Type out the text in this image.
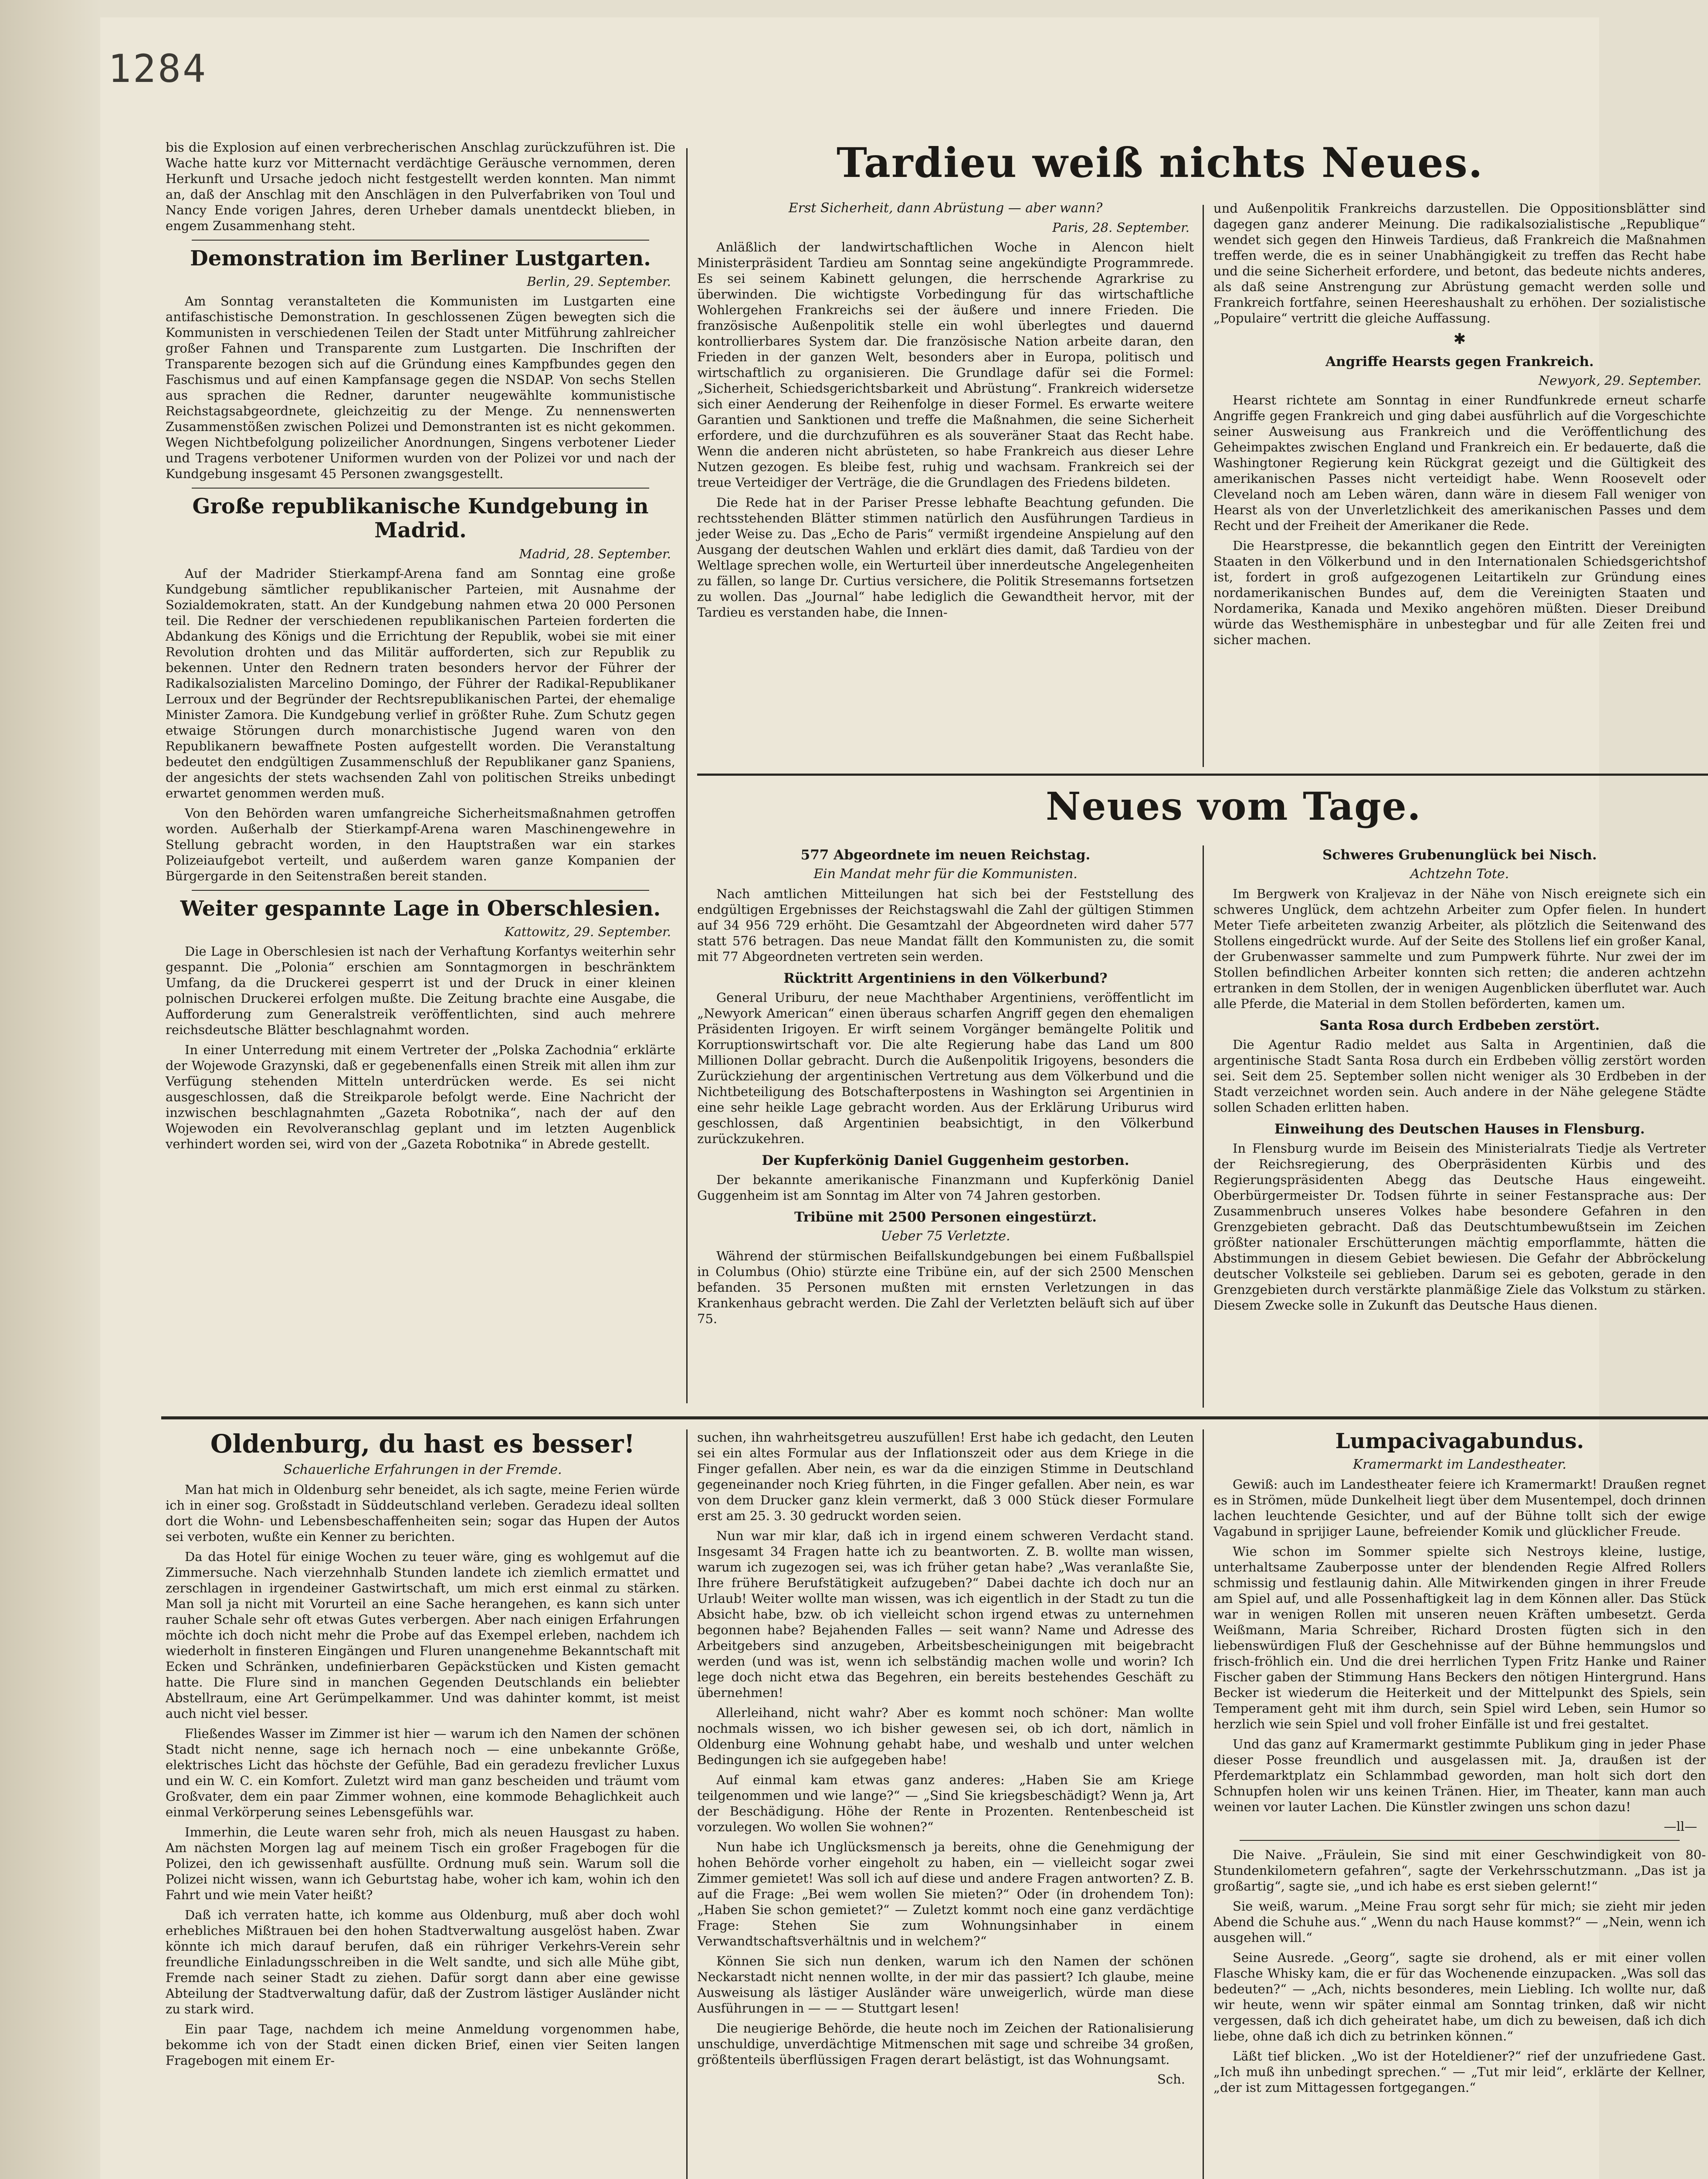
1284

bis die Explosion auf einen verbrecherischen Anschlag zurückzuführen ist. Die Wache hatte kurz vor Mitternacht verdächtige Geräusche vernommen, deren Herkunft und Ursache jedoch nicht festgestellt werden konnten. Man nimmt an, daß der Anschlag mit den Anschlägen in den Pulverfabriken von Toul und Nancy Ende vorigen Jahres, deren Urheber damals unentdeckt blieben, in engem Zusammenhang steht.

Demonstration im Berliner Lustgarten.
Berlin, 29. September.

Am Sonntag veranstalteten die Kommunisten im Lustgarten eine antifaschistische Demonstration. In geschlossenen Zügen bewegten sich die Kommunisten in verschiedenen Teilen der Stadt unter Mitführung zahlreicher großer Fahnen und Transparente zum Lustgarten. Die Inschriften der Transparente bezogen sich auf die Gründung eines Kampfbundes gegen den Faschismus und auf einen Kampfansage gegen die NSDAP. Von sechs Stellen aus sprachen die Redner, darunter neugewählte kommunistische Reichstagsabgeordnete, gleichzeitig zu der Menge. Zu nennenswerten Zusammenstößen zwischen Polizei und Demonstranten ist es nicht gekommen. Wegen Nichtbefolgung polizeilicher Anordnungen, Singens verbotener Lieder und Tragens verbotener Uniformen wurden von der Polizei vor und nach der Kundgebung insgesamt 45 Personen zwangsgestellt.

Große republikanische Kundgebung in Madrid.
Madrid, 28. September.

Auf der Madrider Stierkampf-Arena fand am Sonntag eine große Kundgebung sämtlicher republikanischer Parteien, mit Ausnahme der Sozialdemokraten, statt. An der Kundgebung nahmen etwa 20 000 Personen teil. Die Redner der verschiedenen republikanischen Parteien forderten die Abdankung des Königs und die Errichtung der Republik, wobei sie mit einer Revolution drohten und das Militär aufforderten, sich zur Republik zu bekennen. Unter den Rednern traten besonders hervor der Führer der Radikalsozialisten Marcelino Domingo, der Führer der Radikal-Republikaner Lerroux und der Begründer der Rechtsrepublikanischen Partei, der ehemalige Minister Zamora. Die Kundgebung verlief in größter Ruhe. Zum Schutz gegen etwaige Störungen durch monarchistische Jugend waren von den Republikanern bewaffnete Posten aufgestellt worden. Die Veranstaltung bedeutet den endgültigen Zusammenschluß der Republikaner ganz Spaniens, der angesichts der stets wachsenden Zahl von politischen Streiks unbedingt erwartet genommen werden muß.

Von den Behörden waren umfangreiche Sicherheitsmaßnahmen getroffen worden. Außerhalb der Stierkampf-Arena waren Maschinengewehre in Stellung gebracht worden, in den Hauptstraßen war ein starkes Polizeiaufgebot verteilt, und außerdem waren ganze Kompanien der Bürgergarde in den Seitenstraßen bereit standen.

Weiter gespannte Lage in Oberschlesien.
Kattowitz, 29. September.

Die Lage in Oberschlesien ist nach der Verhaftung Korfantys weiterhin sehr gespannt. Die „Polonia“ erschien am Sonntagmorgen in beschränktem Umfang, da die Druckerei gesperrt ist und der Druck in einer kleinen polnischen Druckerei erfolgen mußte. Die Zeitung brachte eine Ausgabe, die Aufforderung zum Generalstreik veröffentlichten, sind auch mehrere reichsdeutsche Blätter beschlagnahmt worden.

In einer Unterredung mit einem Vertreter der „Polska Zachodnia“ erklärte der Wojewode Grazynski, daß er gegebenenfalls einen Streik mit allen ihm zur Verfügung stehenden Mitteln unterdrücken werde. Es sei nicht ausgeschlossen, daß die Streikparole befolgt werde. Eine Nachricht der inzwischen beschlagnahmten „Gazeta Robotnika“, nach der auf den Wojewoden ein Revolveranschlag geplant und im letzten Augenblick verhindert worden sei, wird von der „Gazeta Robotnika“ in Abrede gestellt.

Tardieu weiß nichts Neues.
Erst Sicherheit, dann Abrüstung — aber wann?
Paris, 28. September.

Anläßlich der landwirtschaftlichen Woche in Alencon hielt Ministerpräsident Tardieu am Sonntag seine angekündigte Programmrede. Es sei seinem Kabinett gelungen, die herrschende Agrarkrise zu überwinden. Die wichtigste Vorbedingung für das wirtschaftliche Wohlergehen Frankreichs sei der äußere und innere Frieden. Die französische Außenpolitik stelle ein wohl überlegtes und dauernd kontrollierbares System dar. Die französische Nation arbeite daran, den Frieden in der ganzen Welt, besonders aber in Europa, politisch und wirtschaftlich zu organisieren. Die Grundlage dafür sei die Formel: „Sicherheit, Schiedsgerichtsbarkeit und Abrüstung“. Frankreich widersetze sich einer Aenderung der Reihenfolge in dieser Formel. Es erwarte weitere Garantien und Sanktionen und treffe die Maßnahmen, die seine Sicherheit erfordere, und die durchzuführen es als souveräner Staat das Recht habe. Wenn die anderen nicht abrüsteten, so habe Frankreich aus dieser Lehre Nutzen gezogen. Es bleibe fest, ruhig und wachsam. Frankreich sei der treue Verteidiger der Verträge, die die Grundlagen des Friedens bildeten.

Die Rede hat in der Pariser Presse lebhafte Beachtung gefunden. Die rechtsstehenden Blätter stimmen natürlich den Ausführungen Tardieus in jeder Weise zu. Das „Echo de Paris“ vermißt irgendeine Anspielung auf den Ausgang der deutschen Wahlen und erklärt dies damit, daß Tardieu von der Weltlage sprechen wolle, ein Werturteil über innerdeutsche Angelegenheiten zu fällen, so lange Dr. Curtius versichere, die Politik Stresemanns fortsetzen zu wollen. Das „Journal“ habe lediglich die Gewandtheit hervor, mit der Tardieu es verstanden habe, die Innen-

und Außenpolitik Frankreichs darzustellen. Die Oppositionsblätter sind dagegen ganz anderer Meinung. Die radikalsozialistische „Republique“ wendet sich gegen den Hinweis Tardieus, daß Frankreich die Maßnahmen treffen werde, die es in seiner Unabhängigkeit zu treffen das Recht habe und die seine Sicherheit erfordere, und betont, das bedeute nichts anderes, als daß seine Anstrengung zur Abrüstung gemacht werden solle und Frankreich fortfahre, seinen Heereshaushalt zu erhöhen. Der sozialistische „Populaire“ vertritt die gleiche Auffassung.

✱
Angriffe Hearsts gegen Frankreich.
Newyork, 29. September.

Hearst richtete am Sonntag in einer Rundfunkrede erneut scharfe Angriffe gegen Frankreich und ging dabei ausführlich auf die Vorgeschichte seiner Ausweisung aus Frankreich und die Veröffentlichung des Geheimpaktes zwischen England und Frankreich ein. Er bedauerte, daß die Washingtoner Regierung kein Rückgrat gezeigt und die Gültigkeit des amerikanischen Passes nicht verteidigt habe. Wenn Roosevelt oder Cleveland noch am Leben wären, dann wäre in diesem Fall weniger von Hearst als von der Unverletzlichkeit des amerikanischen Passes und dem Recht und der Freiheit der Amerikaner die Rede.

Die Hearstpresse, die bekanntlich gegen den Eintritt der Vereinigten Staaten in den Völkerbund und in den Internationalen Schiedsgerichtshof ist, fordert in groß aufgezogenen Leitartikeln zur Gründung eines nordamerikanischen Bundes auf, dem die Vereinigten Staaten und Nordamerika, Kanada und Mexiko angehören müßten. Dieser Dreibund würde das Westhemisphäre in unbestegbar und für alle Zeiten frei und sicher machen.

Neues vom Tage.
577 Abgeordnete im neuen Reichstag.
Ein Mandat mehr für die Kommunisten.

Nach amtlichen Mitteilungen hat sich bei der Feststellung des endgültigen Ergebnisses der Reichstagswahl die Zahl der gültigen Stimmen auf 34 956 729 erhöht. Die Gesamtzahl der Abgeordneten wird daher 577 statt 576 betragen. Das neue Mandat fällt den Kommunisten zu, die somit mit 77 Abgeordneten vertreten sein werden.

Rücktritt Argentiniens in den Völkerbund?

General Uriburu, der neue Machthaber Argentiniens, veröffentlicht im „Newyork American“ einen überaus scharfen Angriff gegen den ehemaligen Präsidenten Irigoyen. Er wirft seinem Vorgänger bemängelte Politik und Korruptionswirtschaft vor. Die alte Regierung habe das Land um 800 Millionen Dollar gebracht. Durch die Außenpolitik Irigoyens, besonders die Zurückziehung der argentinischen Vertretung aus dem Völkerbund und die Nichtbeteiligung des Botschafterpostens in Washington sei Argentinien in eine sehr heikle Lage gebracht worden. Aus der Erklärung Uriburus wird geschlossen, daß Argentinien beabsichtigt, in den Völkerbund zurückzukehren.

Der Kupferkönig Daniel Guggenheim gestorben.

Der bekannte amerikanische Finanzmann und Kupferkönig Daniel Guggenheim ist am Sonntag im Alter von 74 Jahren gestorben.

Tribüne mit 2500 Personen eingestürzt.
Ueber 75 Verletzte.

Während der stürmischen Beifallskundgebungen bei einem Fußballspiel in Columbus (Ohio) stürzte eine Tribüne ein, auf der sich 2500 Menschen befanden. 35 Personen mußten mit ernsten Verletzungen in das Krankenhaus gebracht werden. Die Zahl der Verletzten beläuft sich auf über 75.

Schweres Grubenunglück bei Nisch.
Achtzehn Tote.

Im Bergwerk von Kraljevaz in der Nähe von Nisch ereignete sich ein schweres Unglück, dem achtzehn Arbeiter zum Opfer fielen. In hundert Meter Tiefe arbeiteten zwanzig Arbeiter, als plötzlich die Seitenwand des Stollens eingedrückt wurde. Auf der Seite des Stollens lief ein großer Kanal, der Grubenwasser sammelte und zum Pumpwerk führte. Nur zwei der im Stollen befindlichen Arbeiter konnten sich retten; die anderen achtzehn ertranken in dem Stollen, der in wenigen Augenblicken überflutet war. Auch alle Pferde, die Material in dem Stollen beförderten, kamen um.

Santa Rosa durch Erdbeben zerstört.

Die Agentur Radio meldet aus Salta in Argentinien, daß die argentinische Stadt Santa Rosa durch ein Erdbeben völlig zerstört worden sei. Seit dem 25. September sollen nicht weniger als 30 Erdbeben in der Stadt verzeichnet worden sein. Auch andere in der Nähe gelegene Städte sollen Schaden erlitten haben.

Einweihung des Deutschen Hauses in Flensburg.

In Flensburg wurde im Beisein des Ministerialrats Tiedje als Vertreter der Reichsregierung, des Oberpräsidenten Kürbis und des Regierungspräsidenten Abegg das Deutsche Haus eingeweiht. Oberbürgermeister Dr. Todsen führte in seiner Festansprache aus: Der Zusammenbruch unseres Volkes habe besondere Gefahren in den Grenzgebieten gebracht. Daß das Deutschtumbewußtsein im Zeichen größter nationaler Erschütterungen mächtig emporflammte, hätten die Abstimmungen in diesem Gebiet bewiesen. Die Gefahr der Abbröckelung deutscher Volksteile sei geblieben. Darum sei es geboten, gerade in den Grenzgebieten durch verstärkte planmäßige Ziele das Volkstum zu stärken. Diesem Zwecke solle in Zukunft das Deutsche Haus dienen.

Oldenburg, du hast es besser!
Schauerliche Erfahrungen in der Fremde.

Man hat mich in Oldenburg sehr beneidet, als ich sagte, meine Ferien würde ich in einer sog. Großstadt in Süddeutschland verleben. Geradezu ideal sollten dort die Wohn- und Lebensbeschaffenheiten sein; sogar das Hupen der Autos sei verboten, wußte ein Kenner zu berichten.

Da das Hotel für einige Wochen zu teuer wäre, ging es wohlgemut auf die Zimmersuche. Nach vierzehnhalb Stunden landete ich ziemlich ermattet und zerschlagen in irgendeiner Gastwirtschaft, um mich erst einmal zu stärken. Man soll ja nicht mit Vorurteil an eine Sache herangehen, es kann sich unter rauher Schale sehr oft etwas Gutes verbergen. Aber nach einigen Erfahrungen möchte ich doch nicht mehr die Probe auf das Exempel erleben, nachdem ich wiederholt in finsteren Eingängen und Fluren unangenehme Bekanntschaft mit Ecken und Schränken, undefinierbaren Gepäckstücken und Kisten gemacht hatte. Die Flure sind in manchen Gegenden Deutschlands ein beliebter Abstellraum, eine Art Gerümpelkammer. Und was dahinter kommt, ist meist auch nicht viel besser.

Fließendes Wasser im Zimmer ist hier — warum ich den Namen der schönen Stadt nicht nenne, sage ich hernach noch — eine unbekannte Größe, elektrisches Licht das höchste der Gefühle, Bad ein geradezu frevlicher Luxus und ein W. C. ein Komfort. Zuletzt wird man ganz bescheiden und träumt vom Großvater, dem ein paar Zimmer wohnen, eine kommode Behaglichkeit auch einmal Verkörperung seines Lebensgefühls war.

Immerhin, die Leute waren sehr froh, mich als neuen Hausgast zu haben. Am nächsten Morgen lag auf meinem Tisch ein großer Fragebogen für die Polizei, den ich gewissenhaft ausfüllte. Ordnung muß sein. Warum soll die Polizei nicht wissen, wann ich Geburtstag habe, woher ich kam, wohin ich den Fahrt und wie mein Vater heißt?

Daß ich verraten hatte, ich komme aus Oldenburg, muß aber doch wohl erhebliches Mißtrauen bei den hohen Stadtverwaltung ausgelöst haben. Zwar könnte ich mich darauf berufen, daß ein rühriger Verkehrs-Verein sehr freundliche Einladungsschreiben in die Welt sandte, und sich alle Mühe gibt, Fremde nach seiner Stadt zu ziehen. Dafür sorgt dann aber eine gewisse Abteilung der Stadtverwaltung dafür, daß der Zustrom lästiger Ausländer nicht zu stark wird.

Ein paar Tage, nachdem ich meine Anmeldung vorgenommen habe, bekomme ich von der Stadt einen dicken Brief, einen vier Seiten langen Fragebogen mit einem Er-

suchen, ihn wahrheitsgetreu auszufüllen! Erst habe ich gedacht, den Leuten sei ein altes Formular aus der Inflationszeit oder aus dem Kriege in die Finger gefallen. Aber nein, es war da die einzigen Stimme in Deutschland gegeneinander noch Krieg führten, in die Finger gefallen. Aber nein, es war von dem Drucker ganz klein vermerkt, daß 3 000 Stück dieser Formulare erst am 25. 3. 30 gedruckt worden seien.

Nun war mir klar, daß ich in irgend einem schweren Verdacht stand. Insgesamt 34 Fragen hatte ich zu beantworten. Z. B. wollte man wissen, warum ich zugezogen sei, was ich früher getan habe? „Was veranlaßte Sie, Ihre frühere Berufstätigkeit aufzugeben?“ Dabei dachte ich doch nur an Urlaub! Weiter wollte man wissen, was ich eigentlich in der Stadt zu tun die Absicht habe, bzw. ob ich vielleicht schon irgend etwas zu unternehmen begonnen habe? Bejahenden Falles — seit wann? Name und Adresse des Arbeitgebers sind anzugeben, Arbeitsbescheinigungen mit beigebracht werden (und was ist, wenn ich selbständig machen wolle und worin? Ich lege doch nicht etwa das Begehren, ein bereits bestehendes Geschäft zu übernehmen!

Allerleihand, nicht wahr? Aber es kommt noch schöner: Man wollte nochmals wissen, wo ich bisher gewesen sei, ob ich dort, nämlich in Oldenburg eine Wohnung gehabt habe, und weshalb und unter welchen Bedingungen ich sie aufgegeben habe!

Auf einmal kam etwas ganz anderes: „Haben Sie am Kriege teilgenommen und wie lange?“ — „Sind Sie kriegsbeschädigt? Wenn ja, Art der Beschädigung. Höhe der Rente in Prozenten. Rentenbescheid ist vorzulegen. Wo wollen Sie wohnen?“

Nun habe ich Unglücksmensch ja bereits, ohne die Genehmigung der hohen Behörde vorher eingeholt zu haben, ein — vielleicht sogar zwei Zimmer gemietet! Was soll ich auf diese und andere Fragen antworten? Z. B. auf die Frage: „Bei wem wollen Sie mieten?“ Oder (in drohendem Ton): „Haben Sie schon gemietet?“ — Zuletzt kommt noch eine ganz verdächtige Frage: Stehen Sie zum Wohnungsinhaber in einem Verwandtschaftsverhältnis und in welchem?“

Können Sie sich nun denken, warum ich den Namen der schönen Neckarstadt nicht nennen wollte, in der mir das passiert? Ich glaube, meine Ausweisung als lästiger Ausländer wäre unweigerlich, würde man diese Ausführungen in — — — Stuttgart lesen!

Die neugierige Behörde, die heute noch im Zeichen der Rationalisierung unschuldige, unverdächtige Mitmenschen mit sage und schreibe 34 großen, größtenteils überflüssigen Fragen derart belästigt, ist das Wohnungsamt.

Sch.
Lumpacivagabundus.
Kramermarkt im Landestheater.

Gewiß: auch im Landestheater feiere ich Kramermarkt! Draußen regnet es in Strömen, müde Dunkelheit liegt über dem Musentempel, doch drinnen lachen leuchtende Gesichter, und auf der Bühne tollt sich der ewige Vagabund in sprijiger Laune, befreiender Komik und glücklicher Freude.

Wie schon im Sommer spielte sich Nestroys kleine, lustige, unterhaltsame Zauberposse unter der blendenden Regie Alfred Rollers schmissig und festlaunig dahin. Alle Mitwirkenden gingen in ihrer Freude am Spiel auf, und alle Possenhaftigkeit lag in dem Können aller. Das Stück war in wenigen Rollen mit unseren neuen Kräften umbesetzt. Gerda Weißmann, Maria Schreiber, Richard Drosten fügten sich in den liebenswürdigen Fluß der Geschehnisse auf der Bühne hemmungslos und frisch-fröhlich ein. Und die drei herrlichen Typen Fritz Hanke und Rainer Fischer gaben der Stimmung Hans Beckers den nötigen Hintergrund. Hans Becker ist wiederum die Heiterkeit und der Mittelpunkt des Spiels, sein Temperament geht mit ihm durch, sein Spiel wird Leben, sein Humor so herzlich wie sein Spiel und voll froher Einfälle ist und frei gestaltet.

Und das ganz auf Kramermarkt gestimmte Publikum ging in jeder Phase dieser Posse freundlich und ausgelassen mit. Ja, draußen ist der Pferdemarktplatz ein Schlammbad geworden, man holt sich dort den Schnupfen holen wir uns keinen Tränen. Hier, im Theater, kann man auch weinen vor lauter Lachen. Die Künstler zwingen uns schon dazu!

—ll—

Die Naive. „Fräulein, Sie sind mit einer Geschwindigkeit von 80-Stundenkilometern gefahren“, sagte der Verkehrsschutzmann. „Das ist ja großartig“, sagte sie, „und ich habe es erst sieben gelernt!“

Sie weiß, warum. „Meine Frau sorgt sehr für mich; sie zieht mir jeden Abend die Schuhe aus.“ „Wenn du nach Hause kommst?“ — „Nein, wenn ich ausgehen will.“

Seine Ausrede. „Georg“, sagte sie drohend, als er mit einer vollen Flasche Whisky kam, die er für das Wochenende einzupacken. „Was soll das bedeuten?“ — „Ach, nichts besonderes, mein Liebling. Ich wollte nur, daß wir heute, wenn wir später einmal am Sonntag trinken, daß wir nicht vergessen, daß ich dich geheiratet habe, um dich zu beweisen, daß ich dich liebe, ohne daß ich dich zu betrinken können.“

Läßt tief blicken. „Wo ist der Hoteldiener?“ rief der unzufriedene Gast. „Ich muß ihn unbedingt sprechen.“ — „Tut mir leid“, erklärte der Kellner, „der ist zum Mittagessen fortgegangen.“
